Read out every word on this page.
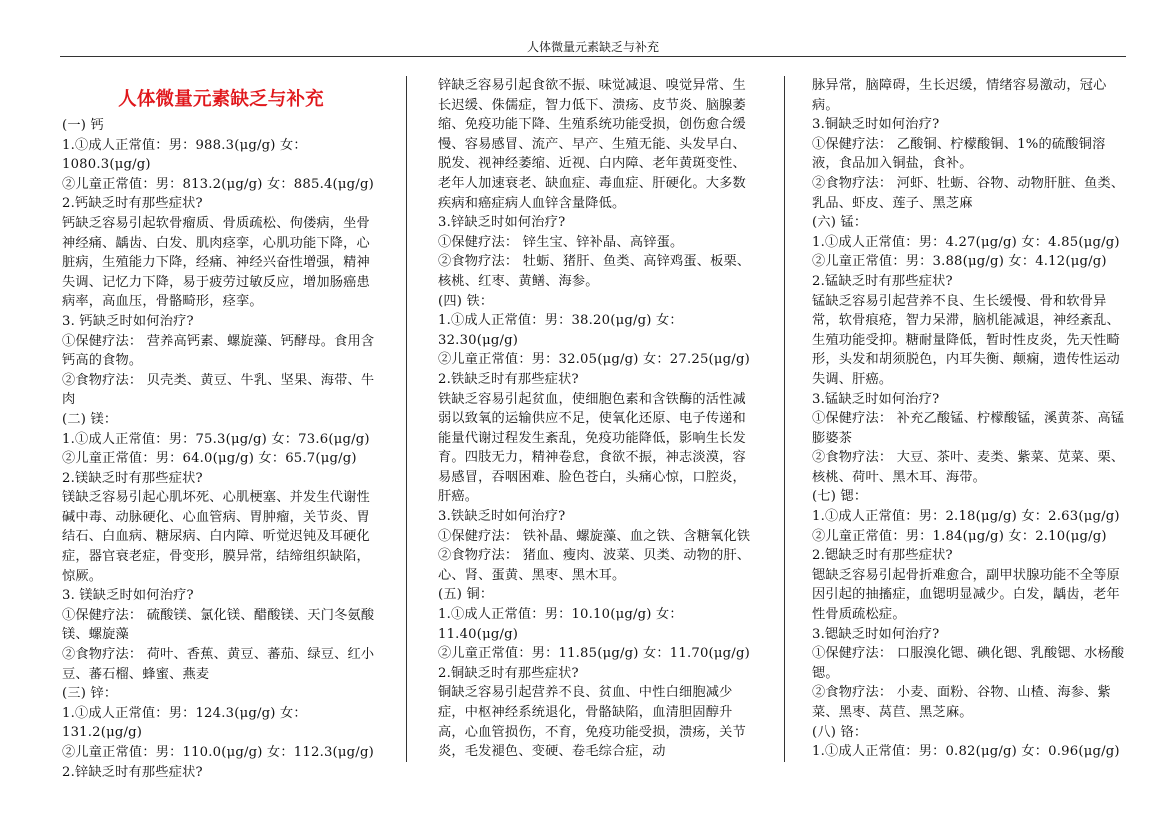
人体微量元素缺乏与补充
人体微量元素缺乏与补充

(一) 钙

1.①成人正常值：男：988.3(μg/g) 女：1080.3(μg/g)

②儿童正常值：男：813.2(μg/g) 女：885.4(μg/g)

2.钙缺乏时有那些症状?

钙缺乏容易引起软骨瘤质、骨质疏松、佝偻病，坐骨神经痛、龋齿、白发、肌肉痉挛，心肌功能下降，心脏病，生殖能力下降，经痛、神经兴奋性增强，精神失调、记忆力下降，易于疲劳过敏反应，增加肠癌患病率，高血压，骨骼畸形，痉挛。

3. 钙缺乏时如何治疗?

①保健疗法： 营养高钙素、螺旋藻、钙酵母。食用含钙高的食物。

②食物疗法： 贝壳类、黄豆、牛乳、坚果、海带、牛肉

(二) 镁：

1.①成人正常值：男：75.3(μg/g) 女：73.6(μg/g)

②儿童正常值：男：64.0(μg/g) 女：65.7(μg/g)

2.镁缺乏时有那些症状?

镁缺乏容易引起心肌坏死、心肌梗塞、并发生代谢性碱中毒、动脉硬化、心血管病、胃肿瘤，关节炎、胃结石、白血病、糖尿病、白内障、听觉迟钝及耳硬化症，器官衰老症，骨变形，膜异常，结缔组织缺陷，惊厥。

3. 镁缺乏时如何治疗?

①保健疗法： 硫酸镁、氯化镁、醋酸镁、天门冬氨酸镁、螺旋藻

②食物疗法： 荷叶、香蕉、黄豆、蕃茄、绿豆、红小豆、蕃石榴、蜂蜜、燕麦

(三) 锌：

1.①成人正常值：男：124.3(μg/g) 女：131.2(μg/g)

②儿童正常值：男：110.0(μg/g) 女：112.3(μg/g)

2.锌缺乏时有那些症状?

锌缺乏容易引起食欲不振、味觉减退、嗅觉异常、生长迟缓、侏儒症，智力低下、溃疡、皮节炎、脑腺萎缩、免疫功能下降、生殖系统功能受损，创伤愈合缓慢、容易感冒、流产、早产、生殖无能、头发早白、脱发、视神经萎缩、近视、白内障、老年黄斑变性、老年人加速衰老、缺血症、毒血症、肝硬化。大多数疾病和癌症病人血锌含量降低。

3.锌缺乏时如何治疗?

①保健疗法： 锌生宝、锌补晶、高锌蛋。

②食物疗法： 牡蛎、猪肝、鱼类、高锌鸡蛋、板栗、核桃、红枣、黄鳝、海参。

(四) 铁：

1.①成人正常值：男：38.20(μg/g) 女：32.30(μg/g)

②儿童正常值：男：32.05(μg/g) 女：27.25(μg/g)

2.铁缺乏时有那些症状?

铁缺乏容易引起贫血，使细胞色素和含铁酶的活性减弱以致氧的运输供应不足，使氧化还原、电子传递和能量代谢过程发生紊乱，免疫功能降低，影响生长发育。四肢无力，精神卷怠，食欲不振，神志淡漠，容易感冒，吞咽困难、脸色苍白，头痛心惊，口腔炎，肝癌。

3.铁缺乏时如何治疗?

①保健疗法： 铁补晶、螺旋藻、血之铁、含糖氧化铁

②食物疗法： 猪血、瘦肉、波菜、贝类、动物的肝、心、肾、蛋黄、黑枣、黑木耳。

(五) 铜：

1.①成人正常值：男：10.10(μg/g) 女：11.40(μg/g)

②儿童正常值：男：11.85(μg/g) 女：11.70(μg/g)

2.铜缺乏时有那些症状?

铜缺乏容易引起营养不良、贫血、中性白细胞减少症，中枢神经系统退化，骨骼缺陷，血清胆固醇升高，心血管损伤，不育，免疫功能受损，溃疡，关节炎，毛发褪色、变硬、卷毛综合症，动

脉异常，脑障碍，生长迟缓，情绪容易激动，冠心病。

3.铜缺乏时如何治疗?

①保健疗法： 乙酸铜、柠檬酸铜、1%的硫酸铜溶液，食品加入铜盐，食补。

②食物疗法： 河虾、牡蛎、谷物、动物肝脏、鱼类、乳品、虾皮、莲子、黑芝麻

(六) 锰：

1.①成人正常值：男：4.27(μg/g) 女：4.85(μg/g)

②儿童正常值：男：3.88(μg/g) 女：4.12(μg/g)

2.锰缺乏时有那些症状?

锰缺乏容易引起营养不良、生长缓慢、骨和软骨异常，软骨痕疮，智力呆滞，脑机能减退，神经紊乱、生殖功能受抑。糖耐量降低，暂时性皮炎，先天性畸形，头发和胡须脱色，内耳失衡、颠痫，遗传性运动失调、肝癌。

3.锰缺乏时如何治疗?

①保健疗法： 补充乙酸锰、柠檬酸锰，溪黄茶、高锰膨婆茶

②食物疗法： 大豆、茶叶、麦类、紫菜、苋菜、栗、核桃、荷叶、黑木耳、海带。

(七) 锶：

1.①成人正常值：男：2.18(μg/g) 女：2.63(μg/g)

②儿童正常值：男：1.84(μg/g) 女：2.10(μg/g)

2.锶缺乏时有那些症状?

锶缺乏容易引起骨折难愈合，副甲状腺功能不全等原因引起的抽搐症，血锶明显减少。白发，龋齿，老年性骨质疏松症。

3.锶缺乏时如何治疗?

①保健疗法： 口服溴化锶、碘化锶、乳酸锶、水杨酸锶。

②食物疗法： 小麦、面粉、谷物、山楂、海参、紫菜、黑枣、莴苣、黑芝麻。

(八) 铬：

1.①成人正常值：男：0.82(μg/g) 女：0.96(μg/g)
